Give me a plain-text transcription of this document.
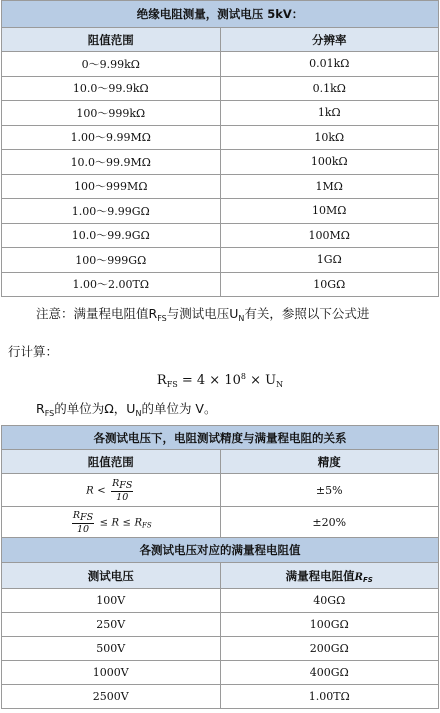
绝缘电阻测量，测试电压 5kV：	
阻值范围	分辨率
0～9.99kΩ	0.01kΩ
10.0～99.9kΩ	0.1kΩ
100～999kΩ	1kΩ
1.00～9.99MΩ	10kΩ
10.0～99.9MΩ	100kΩ
100～999MΩ	1MΩ
1.00～9.99GΩ	10MΩ
10.0～99.9GΩ	100MΩ
100～999GΩ	1GΩ
1.00～2.00TΩ	10GΩ
注意：满量程电阻值$R_{FS}$与测试电压$U_N$有关，参照以下公式进
行计算：
$R_{FS} = 4 \times 10^8 \times U_N$
$R_{FS}$的单位为Ω，$U_N$的单位为 V。
各测试电压下，电阻测试精度与满量程电阻的关系	
阻值范围	精度
$R < \frac{\text{RFS}}{10}$	±5%

$\frac{\text{RFS}}{10} \le R$ ≤ RFS	±20%
各测试电压对应的满量程电阻值	
测试电压	满量程电阻值RFS
100V	40GΩ
250V	100GΩ
500V	200GΩ
1000V	400GΩ
2500V	1.00TΩ
